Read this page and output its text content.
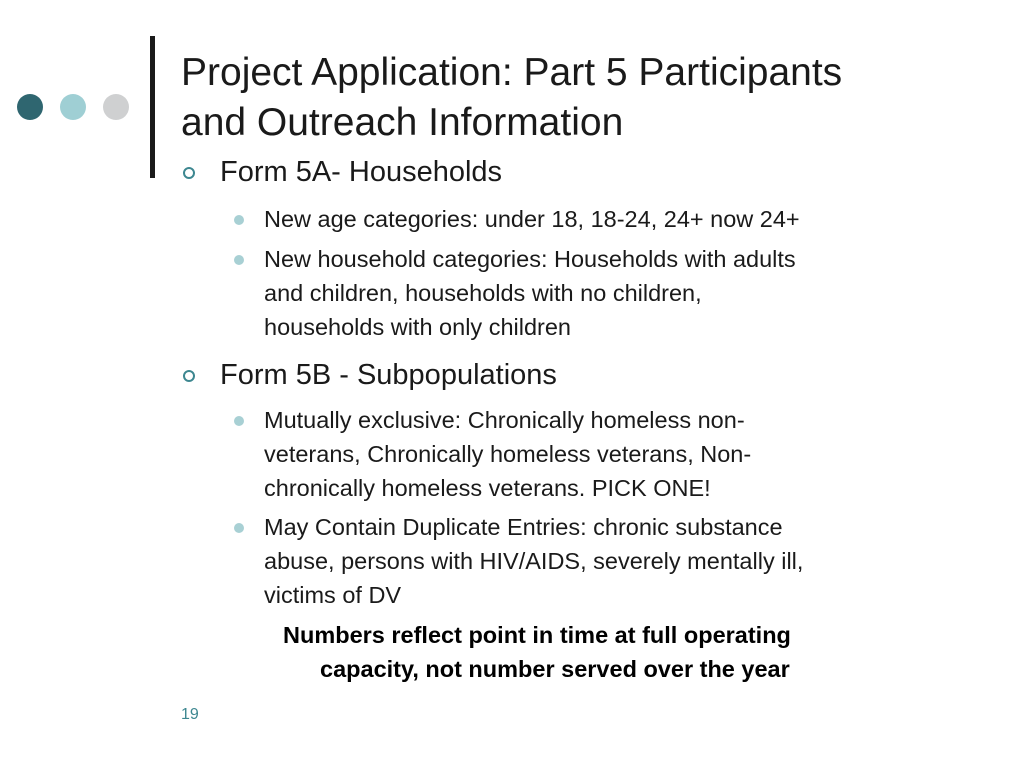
Project Application: Part 5 Participants
and Outreach Information
Form 5A- Households
New age categories: under 18, 18-24, 24+ now 24+
New household categories: Households with adults
and children, households with no children,
households with only children
Form 5B - Subpopulations
Mutually exclusive: Chronically homeless non-
veterans, Chronically homeless veterans, Non-
chronically homeless veterans. PICK ONE!
May Contain Duplicate Entries: chronic substance
abuse, persons with HIV/AIDS, severely mentally ill,
victims of DV
Numbers reflect point in time at full operating
capacity, not number served over the year
19
